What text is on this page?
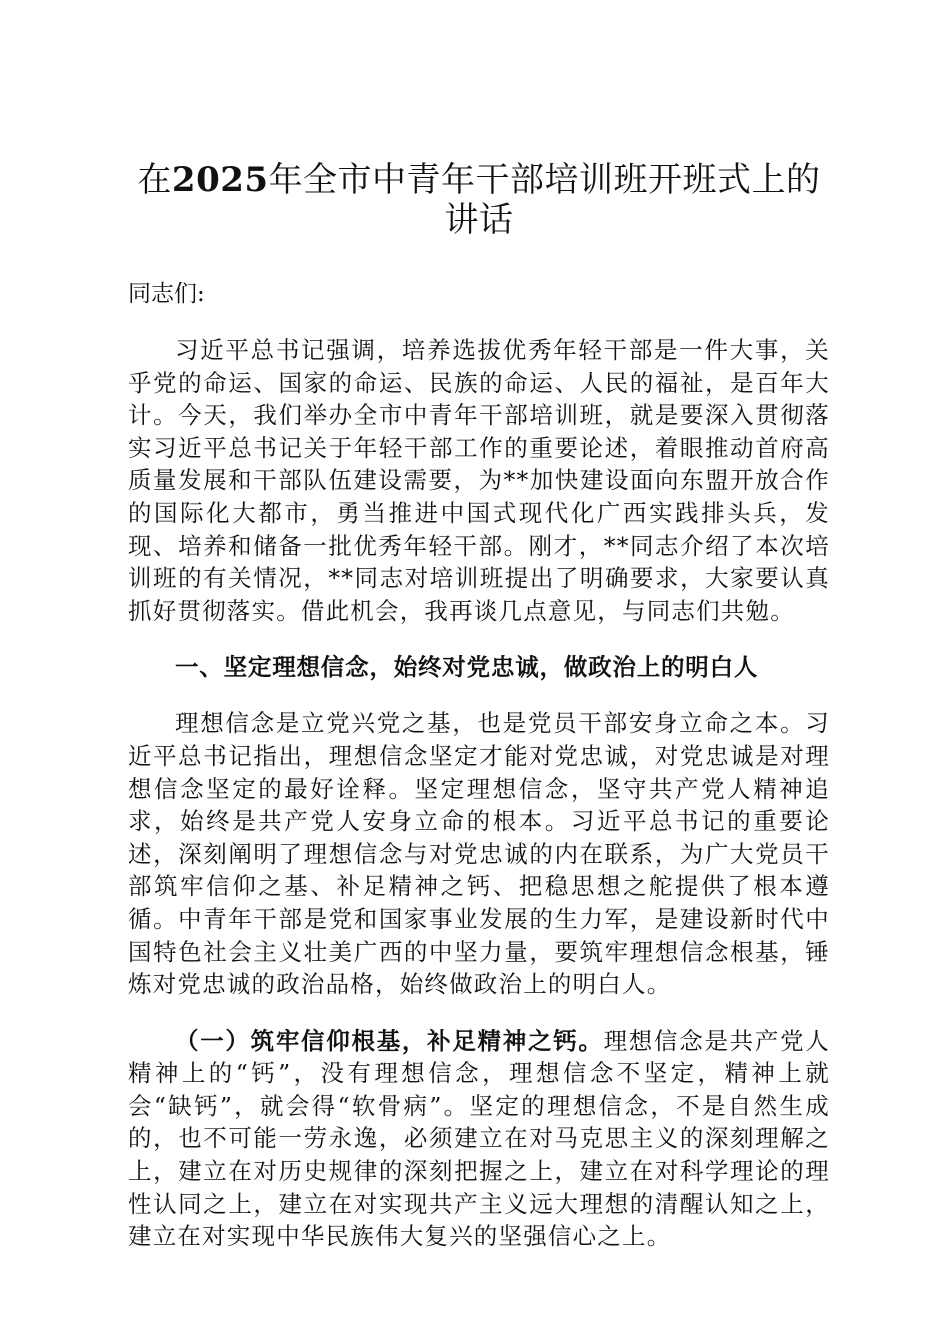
在2025年全市中青年干部培训班开班式上的讲话

同志们:

习近平总书记强调，培养选拔优秀年轻干部是一件大事，关乎党的命运、国家的命运、民族的命运、人民的福祉，是百年大计。今天，我们举办全市中青年干部培训班，就是要深入贯彻落实习近平总书记关于年轻干部工作的重要论述，着眼推动首府高质量发展和干部队伍建设需要，为**加快建设面向东盟开放合作的国际化大都市，勇当推进中国式现代化广西实践排头兵，发现、培养和储备一批优秀年轻干部。刚才，**同志介绍了本次培训班的有关情况，**同志对培训班提出了明确要求，大家要认真抓好贯彻落实。借此机会，我再谈几点意见，与同志们共勉。

一、坚定理想信念，始终对党忠诚，做政治上的明白人

理想信念是立党兴党之基，也是党员干部安身立命之本。习近平总书记指出，理想信念坚定才能对党忠诚，对党忠诚是对理想信念坚定的最好诠释。坚定理想信念，坚守共产党人精神追求，始终是共产党人安身立命的根本。习近平总书记的重要论述，深刻阐明了理想信念与对党忠诚的内在联系，为广大党员干部筑牢信仰之基、补足精神之钙、把稳思想之舵提供了根本遵循。中青年干部是党和国家事业发展的生力军，是建设新时代中国特色社会主义壮美广西的中坚力量，要筑牢理想信念根基，锤炼对党忠诚的政治品格，始终做政治上的明白人。

（一）筑牢信仰根基，补足精神之钙。理想信念是共产党人精神上的“钙”，没有理想信念，理想信念不坚定，精神上就会“缺钙”，就会得“软骨病”。坚定的理想信念，不是自然生成的，也不可能一劳永逸，必须建立在对马克思主义的深刻理解之上，建立在对历史规律的深刻把握之上，建立在对科学理论的理性认同之上，建立在对实现共产主义远大理想的清醒认知之上，建立在对实现中华民族伟大复兴的坚强信心之上。
